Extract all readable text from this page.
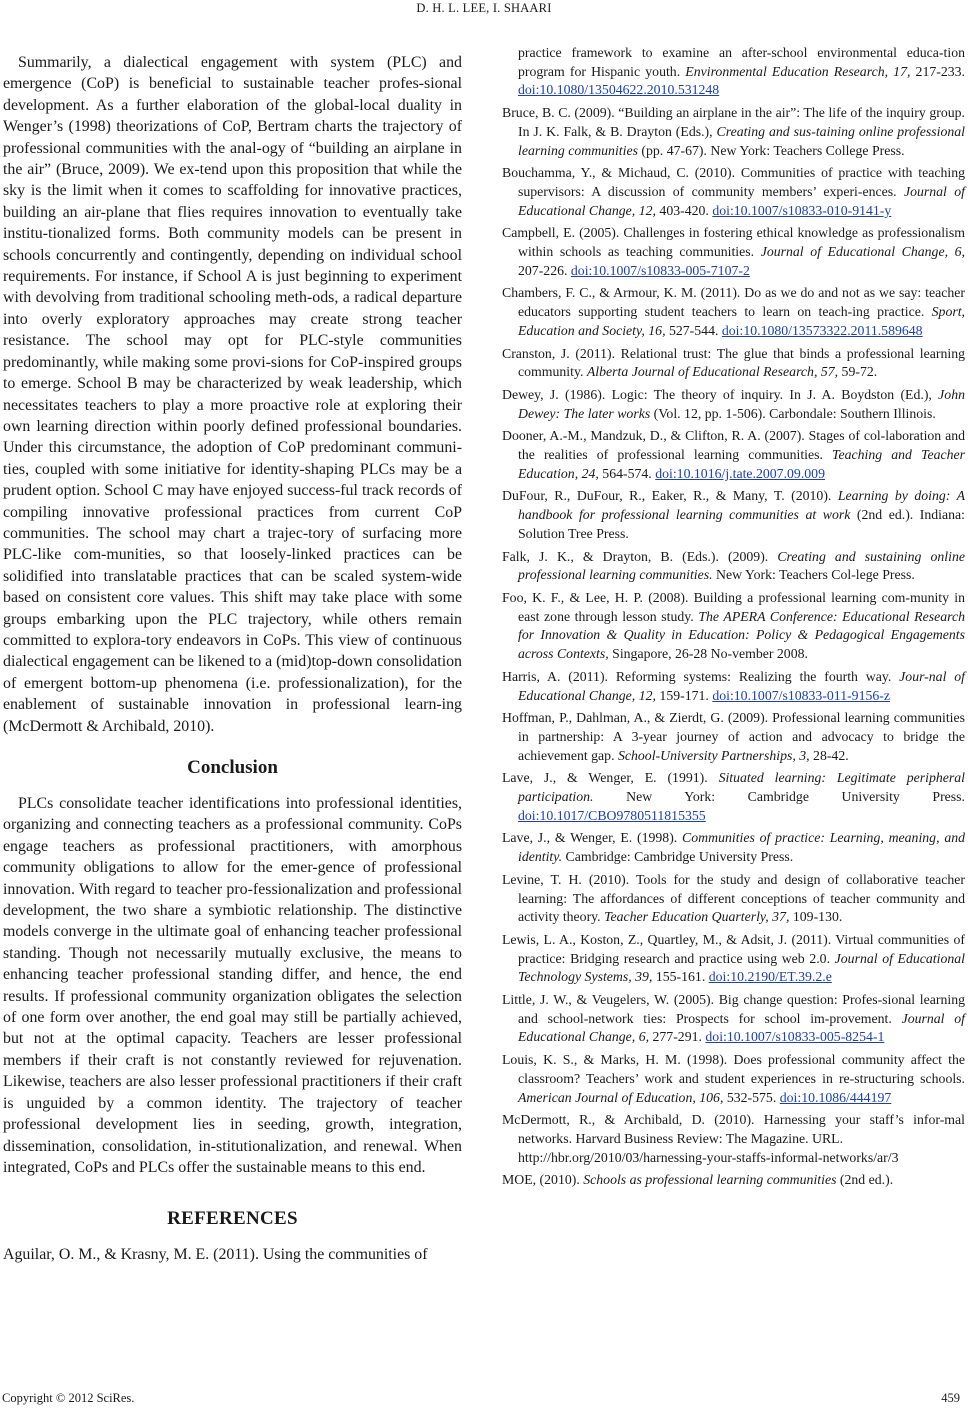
D. H. L. LEE, I. SHAARI

Summarily, a dialectical engagement with system (PLC) and emergence (CoP) is beneficial to sustainable teacher profes-sional development. As a further elaboration of the global-local duality in Wenger’s (1998) theorizations of CoP, Bertram charts the trajectory of professional communities with the anal-ogy of “building an airplane in the air” (Bruce, 2009). We ex-tend upon this proposition that while the sky is the limit when it comes to scaffolding for innovative practices, building an air-plane that flies requires innovation to eventually take institu-tionalized forms. Both community models can be present in schools concurrently and contingently, depending on individual school requirements. For instance, if School A is just beginning to experiment with devolving from traditional schooling meth-ods, a radical departure into overly exploratory approaches may create strong teacher resistance. The school may opt for PLC-style communities predominantly, while making some provi-sions for CoP-inspired groups to emerge. School B may be characterized by weak leadership, which necessitates teachers to play a more proactive role at exploring their own learning direction within poorly defined professional boundaries. Under this circumstance, the adoption of CoP predominant communi-ties, coupled with some initiative for identity-shaping PLCs may be a prudent option. School C may have enjoyed success-ful track records of compiling innovative professional practices from current CoP communities. The school may chart a trajec-tory of surfacing more PLC-like com-munities, so that loosely-linked practices can be solidified into translatable practices that can be scaled system-wide based on consistent core values. This shift may take place with some groups embarking upon the PLC trajectory, while others remain committed to explora-tory endeavors in CoPs. This view of continuous dialectical engagement can be likened to a (mid)top-down consolidation of emergent bottom-up phenomena (i.e. professionalization), for the enablement of sustainable innovation in professional learn-ing (McDermott & Archibald, 2010).

Conclusion

PLCs consolidate teacher identifications into professional identities, organizing and connecting teachers as a professional community. CoPs engage teachers as professional practitioners, with amorphous community obligations to allow for the emer-gence of professional innovation. With regard to teacher pro-fessionalization and professional development, the two share a symbiotic relationship. The distinctive models converge in the ultimate goal of enhancing teacher professional standing. Though not necessarily mutually exclusive, the means to enhancing teacher professional standing differ, and hence, the end results. If professional community organization obligates the selection of one form over another, the end goal may still be partially achieved, but not at the optimal capacity. Teachers are lesser professional members if their craft is not constantly reviewed for rejuvenation. Likewise, teachers are also lesser professional practitioners if their craft is unguided by a common identity. The trajectory of teacher professional development lies in seeding, growth, integration, dissemination, consolidation, in-stitutionalization, and renewal. When integrated, CoPs and PLCs offer the sustainable means to this end.

REFERENCES

Aguilar, O. M., & Krasny, M. E. (2011). Using the communities of

practice framework to examine an after-school environmental educa-tion program for Hispanic youth. Environmental Education Research, 17, 217-233. doi:10.1080/13504622.2010.531248
Bruce, B. C. (2009). “Building an airplane in the air”: The life of the inquiry group. In J. K. Falk, & B. Drayton (Eds.), Creating and sus-taining online professional learning communities (pp. 47-67). New York: Teachers College Press.
Bouchamma, Y., & Michaud, C. (2010). Communities of practice with teaching supervisors: A discussion of community members’ experi-ences. Journal of Educational Change, 12, 403-420. doi:10.1007/s10833-010-9141-y
Campbell, E. (2005). Challenges in fostering ethical knowledge as professionalism within schools as teaching communities. Journal of Educational Change, 6, 207-226. doi:10.1007/s10833-005-7107-2
Chambers, F. C., & Armour, K. M. (2011). Do as we do and not as we say: teacher educators supporting student teachers to learn on teach-ing practice. Sport, Education and Society, 16, 527-544. doi:10.1080/13573322.2011.589648
Cranston, J. (2011). Relational trust: The glue that binds a professional learning community. Alberta Journal of Educational Research, 57, 59-72.
Dewey, J. (1986). Logic: The theory of inquiry. In J. A. Boydston (Ed.), John Dewey: The later works (Vol. 12, pp. 1-506). Carbondale: Southern Illinois.
Dooner, A.-M., Mandzuk, D., & Clifton, R. A. (2007). Stages of col-laboration and the realities of professional learning communities. Teaching and Teacher Education, 24, 564-574. doi:10.1016/j.tate.2007.09.009
DuFour, R., DuFour, R., Eaker, R., & Many, T. (2010). Learning by doing: A handbook for professional learning communities at work (2nd ed.). Indiana: Solution Tree Press.
Falk, J. K., & Drayton, B. (Eds.). (2009). Creating and sustaining online professional learning communities. New York: Teachers Col-lege Press.
Foo, K. F., & Lee, H. P. (2008). Building a professional learning com-munity in east zone through lesson study. The APERA Conference: Educational Research for Innovation & Quality in Education: Policy & Pedagogical Engagements across Contexts, Singapore, 26-28 No-vember 2008.
Harris, A. (2011). Reforming systems: Realizing the fourth way. Jour-nal of Educational Change, 12, 159-171. doi:10.1007/s10833-011-9156-z
Hoffman, P., Dahlman, A., & Zierdt, G. (2009). Professional learning communities in partnership: A 3-year journey of action and advocacy to bridge the achievement gap. School-University Partnerships, 3, 28-42.
Lave, J., & Wenger, E. (1991). Situated learning: Legitimate peripheral participation. New York: Cambridge University Press. doi:10.1017/CBO9780511815355
Lave, J., & Wenger, E. (1998). Communities of practice: Learning, meaning, and identity. Cambridge: Cambridge University Press.
Levine, T. H. (2010). Tools for the study and design of collaborative teacher learning: The affordances of different conceptions of teacher community and activity theory. Teacher Education Quarterly, 37, 109-130.
Lewis, L. A., Koston, Z., Quartley, M., & Adsit, J. (2011). Virtual communities of practice: Bridging research and practice using web 2.0. Journal of Educational Technology Systems, 39, 155-161. doi:10.2190/ET.39.2.e
Little, J. W., & Veugelers, W. (2005). Big change question: Profes-sional learning and school-network ties: Prospects for school im-provement. Journal of Educational Change, 6, 277-291. doi:10.1007/s10833-005-8254-1
Louis, K. S., & Marks, H. M. (1998). Does professional community affect the classroom? Teachers’ work and student experiences in re-structuring schools. American Journal of Education, 106, 532-575. doi:10.1086/444197
McDermott, R., & Archibald, D. (2010). Harnessing your staff’s infor-mal networks. Harvard Business Review: The Magazine. URL.
http://hbr.org/2010/03/harnessing-your-staffs-informal-networks/ar/3
MOE, (2010). Schools as professional learning communities (2nd ed.).
Copyright © 2012 SciRes.	459
